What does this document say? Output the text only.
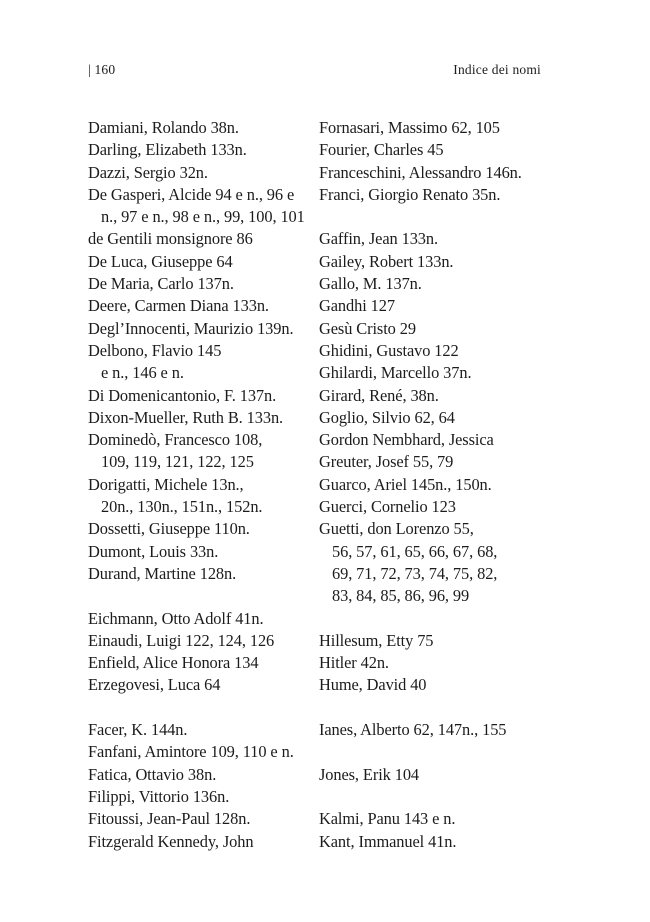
| 160	Indice dei nomi
Damiani, Rolando 38n.
Darling, Elizabeth 133n.
Dazzi, Sergio 32n.
De Gasperi, Alcide 94 e n., 96 e
n., 97 e n., 98 e n., 99, 100, 101
de Gentili monsignore 86
De Luca, Giuseppe 64
De Maria, Carlo 137n.
Deere, Carmen Diana 133n.
Degl’Innocenti, Maurizio 139n.
Delbono, Flavio 145
e n., 146 e n.
Di Domenicantonio, F. 137n.
Dixon-Mueller, Ruth B. 133n.
Dominedò, Francesco 108,
109, 119, 121, 122, 125
Dorigatti, Michele 13n.,
20n., 130n., 151n., 152n.
Dossetti, Giuseppe 110n.
Dumont, Louis 33n.
Durand, Martine 128n.
Eichmann, Otto Adolf 41n.
Einaudi, Luigi 122, 124, 126
Enfield, Alice Honora 134
Erzegovesi, Luca 64
Facer, K. 144n.
Fanfani, Amintore 109, 110 e n.
Fatica, Ottavio 38n.
Filippi, Vittorio 136n.
Fitoussi, Jean-Paul 128n.
Fitzgerald Kennedy, John
Fornasari, Massimo 62, 105
Fourier, Charles 45
Franceschini, Alessandro 146n.
Franci, Giorgio Renato 35n.
Gaffin, Jean 133n.
Gailey, Robert 133n.
Gallo, M. 137n.
Gandhi 127
Gesù Cristo 29
Ghidini, Gustavo 122
Ghilardi, Marcello 37n.
Girard, René, 38n.
Goglio, Silvio 62, 64
Gordon Nembhard, Jessica
Greuter, Josef 55, 79
Guarco, Ariel 145n., 150n.
Guerci, Cornelio 123
Guetti, don Lorenzo 55,
56, 57, 61, 65, 66, 67, 68,
69, 71, 72, 73, 74, 75, 82,
83, 84, 85, 86, 96, 99
Hillesum, Etty 75
Hitler 42n.
Hume, David 40
Ianes, Alberto 62, 147n., 155
Jones, Erik 104
Kalmi, Panu 143 e n.
Kant, Immanuel 41n.
